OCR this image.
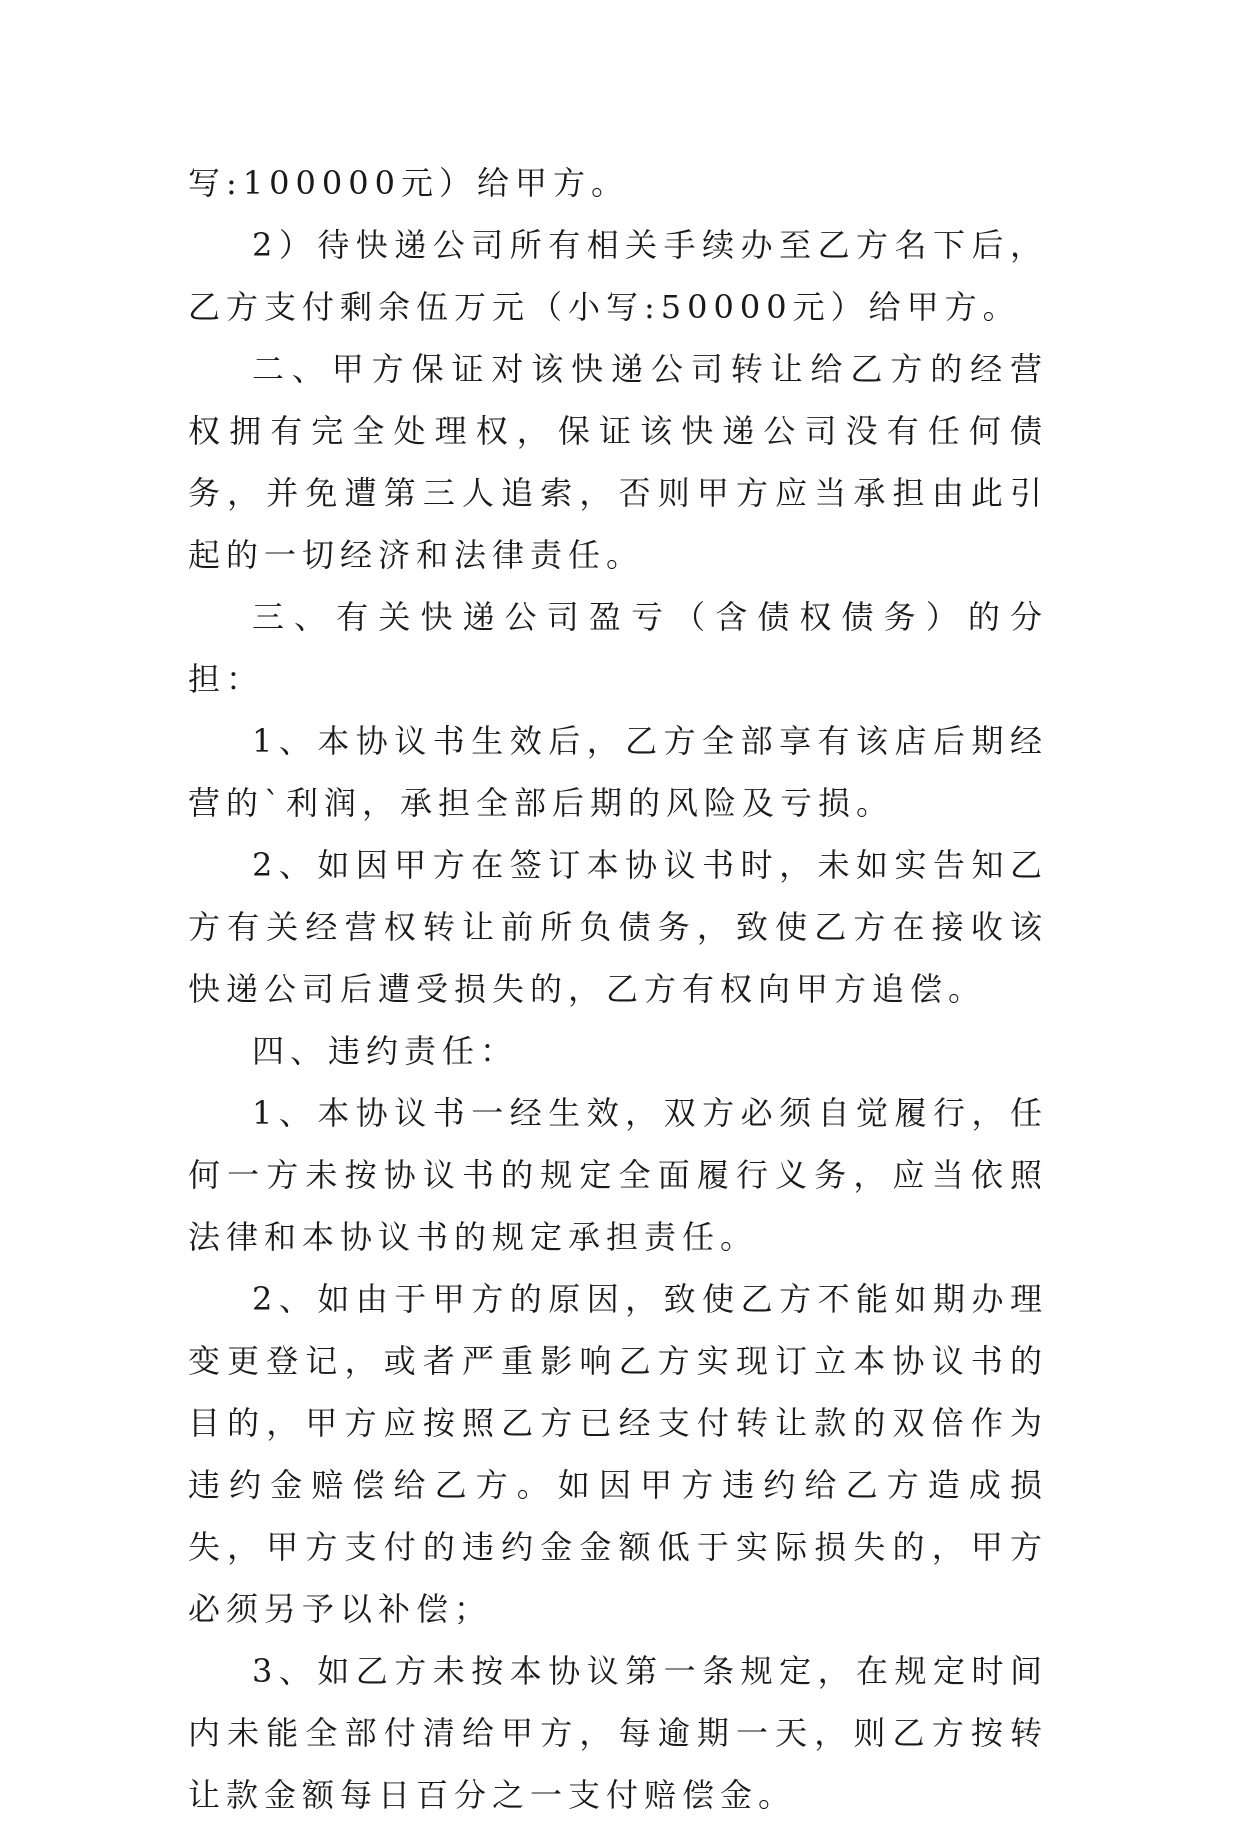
写:100000元）给甲方。

2）待快递公司所有相关手续办至乙方名下后，乙方支付剩余伍万元（小写:50000元）给甲方。

二、甲方保证对该快递公司转让给乙方的经营权拥有完全处理权，保证该快递公司没有任何债务，并免遭第三人追索，否则甲方应当承担由此引起的一切经济和法律责任。

三、有关快递公司盈亏（含债权债务）的分担：

1、本协议书生效后，乙方全部享有该店后期经营的`利润，承担全部后期的风险及亏损。

2、如因甲方在签订本协议书时，未如实告知乙方有关经营权转让前所负债务，致使乙方在接收该快递公司后遭受损失的，乙方有权向甲方追偿。

四、违约责任：

1、本协议书一经生效，双方必须自觉履行，任何一方未按协议书的规定全面履行义务，应当依照法律和本协议书的规定承担责任。

2、如由于甲方的原因，致使乙方不能如期办理变更登记，或者严重影响乙方实现订立本协议书的目的，甲方应按照乙方已经支付转让款的双倍作为违约金赔偿给乙方。如因甲方违约给乙方造成损失，甲方支付的违约金金额低于实际损失的，甲方必须另予以补偿；

3、如乙方未按本协议第一条规定，在规定时间内未能全部付清给甲方，每逾期一天，则乙方按转让款金额每日百分之一支付赔偿金。
